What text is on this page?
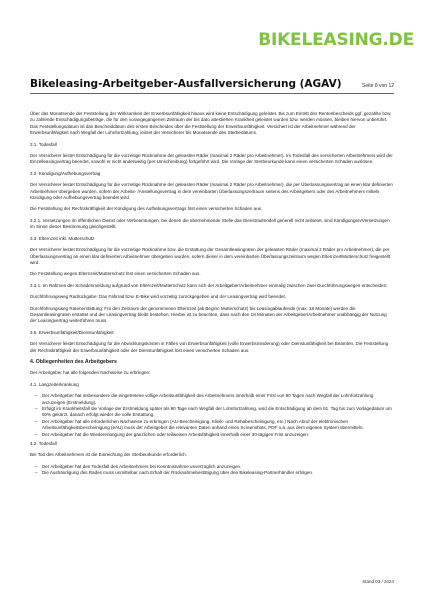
BIKELEASING.DE
Bikeleasing-Arbeitgeber-Ausfallversicherung (AGAV)	Seite 8 von 12

Über das Monatsende der Feststellung der Wirksamkeit der Erwerbsunfähigkeit hinaus wird keine Entschädigung geleistet. Bis zum Eintritt des Rentenbescheids ggf. gezahlte bzw. zu zahlende Entschädigungsbeträge, die für den vorangegangenen Zeitraum der bis dato attestierten Krankheit geleistet wurden bzw. werden müssen, bleiben hiervon unberührt. Das Feststellungsdatum ist das Bescheiddatum des ersten Bescheides über die Feststellung der Erwerbsunfähigkeit. Versichert ist der Arbeitnehmer während der Erwerbsunfähigkeit nach Wegfall der Lohnfortzahlung, leistet der Versicherer bis Monatsende des Sterbedatums.

3.1. Todesfall

Der Versicherer leistet Entschädigung für die vorzeitige Rücknahme der geleasten Räder (maximal 2 Räder pro Arbeitnehmer). Im Todesfall des versicherten Arbeitnehmers wird der Einzelleasingvertrag beendet, sowohl er nicht anderweitig (per Umschreibung) fortgeführt wird. Die Vorlage der Sterbeurkunde kann einen versicherten Schaden auslösen.

3.2. Kündigung/Aufhebungsvertrag

Der Versicherer leistet Entschädigung für die vorzeitige Rücknahme der geleasten Räder (maximal 2 Räder pro Arbeitnehmer), die per Überlassungsvertrag an einen klar definierten Arbeitnehmer übergeben wurden, sofern der Arbeits- /Anstellungsvertrag in dem vereinbarten Überlassungszeitraum seitens des Arbeitgebers oder des Arbeitnehmers mittels Kündigung oder Aufhebungsvertrag beendet wird.

Die Feststellung der Rechtskräftigkeit der Kündigung des Aufhebungsvertrags löst einen versicherten Schaden aus.

3.2.1. Versetzungen im öffentlichen Dienst oder Verbeamtungen, bei denen die übernehmende Stelle das Dienstradmodell generell nicht anbietet, sind Kündigungen/Versetzungen im Sinne dieser Bestimmung gleichgestellt.

3.3. Elternzeit inkl. Mutterschutz

Der Versicherer leistet Entschädigung für die vorzeitige Rücknahme bzw. die Erstattung der Gesamtleasingraten der geleasten Räder (maximal 2 Räder pro Arbeitnehmer), die per Überlassungsvertrag an einen klar definierten Arbeitnehmer übergeben wurden, sofern dieser in dem vereinbarten Überlassungszeitraum wegen Elternzeit/Mutterschutz freigestellt wird.

Die Feststellung wegen Elternzeit/Mutterschutz löst einen versicherten Schaden aus.

3.3.1. Im Rahmen der Schadenmeldung aufgrund von Elternzeit/Mutterschutz kann sich der Arbeitgeber/Arbeitnehmer einmalig zwischen zwei Durchführungswegen entscheiden:

Durchführungsweg Radrückgabe: Das Fahrrad bzw. E-Bike wird vorzeitig zurückgegeben und der Leasingvertrag wird beendet.

Durchführungsweg Ratenerstattung: Für den Zeitraum der genommenen Elternzeit (ab Beginn Mutterschutz) bis Leasingablaufende (max. 18 Monate) werden die Gesamtleasingraten erstattet und der Leasingvertrag bleibt bestehen. Hierbei ist zu beachten, dass nach den 18 Monaten der Arbeitgeber/Arbeitnehmer unabhängig der Nutzung der Leasingvertrag weiterführen muss.

3.5. Erwerbsunfähigkeit/Dienstunfähigkeit

Der Versicherer leistet Entschädigung für die Abwicklungskosten in Fällen von Erwerbsunfähigkeit (volle Erwerbsminderung) oder Dienstunfähigkeit bei Beamten. Die Feststellung der Rechtskräftigkeit der Erwerbsunfähigkeit oder der Dienstunfähigkeit löst einen versicherten Schaden aus.

4. Obliegenheiten des Arbeitgebers

Der Arbeitgeber hat alle folgenden Nachweise zu erbringen:

4.1. Langzeiterkrankung

– Der Arbeitgeber hat insbesondere die eingetretene völlige Arbeitsunfähigkeit des Arbeitnehmers innerhalb einer Frist von 90 Tagen nach Wegfall der Lohnfortzahlung anzuzeigen (Erstmeldung).
– Erfolgt im Krankheitsfall die Vorlage der Erstmeldung später als 90 Tage nach Wegfall der Lohnfortzahlung, wird die Entschädigung ab dem 91. Tag bis zum Vorlagedatum um 50% gekürzt, danach erfolgt wieder die volle Erstattung.
– Der Arbeitgeber hat alle erforderlichen Nachweise zu erbringen (AU-Bescheinigung, Klinik- und Rehabescheinigung, etc.) Nach Abruf der elektronischen Arbeitsunfähigkeitsbescheinigung (eAU) muss der Arbeitgeber die relevanten Daten anhand eines Screenshots, PDF o.ä. aus dem eigenen System übermitteln.
– Der Arbeitgeber hat die Wiedererlangung der gänzlichen oder teilweisen Arbeitsfähigkeit innerhalb einer 30-tägigen Frist anzuzeigen.

4.2. Todesfall

Bei Tod des Arbeitnehmers ist die Einreichung der Sterbeurkunde erforderlich.

– Der Arbeitgeber hat den Todesfall des Arbeitnehmers bei Kenntnisnahme unverzüglich anzuzeigen.
– Die Aushändigung des Rades muss unmittelbar nach Erhalt der Rücknahmebestätigung über den Bikeleasing-Partnerhändler erfolgen.
Stand 03 / 2024
